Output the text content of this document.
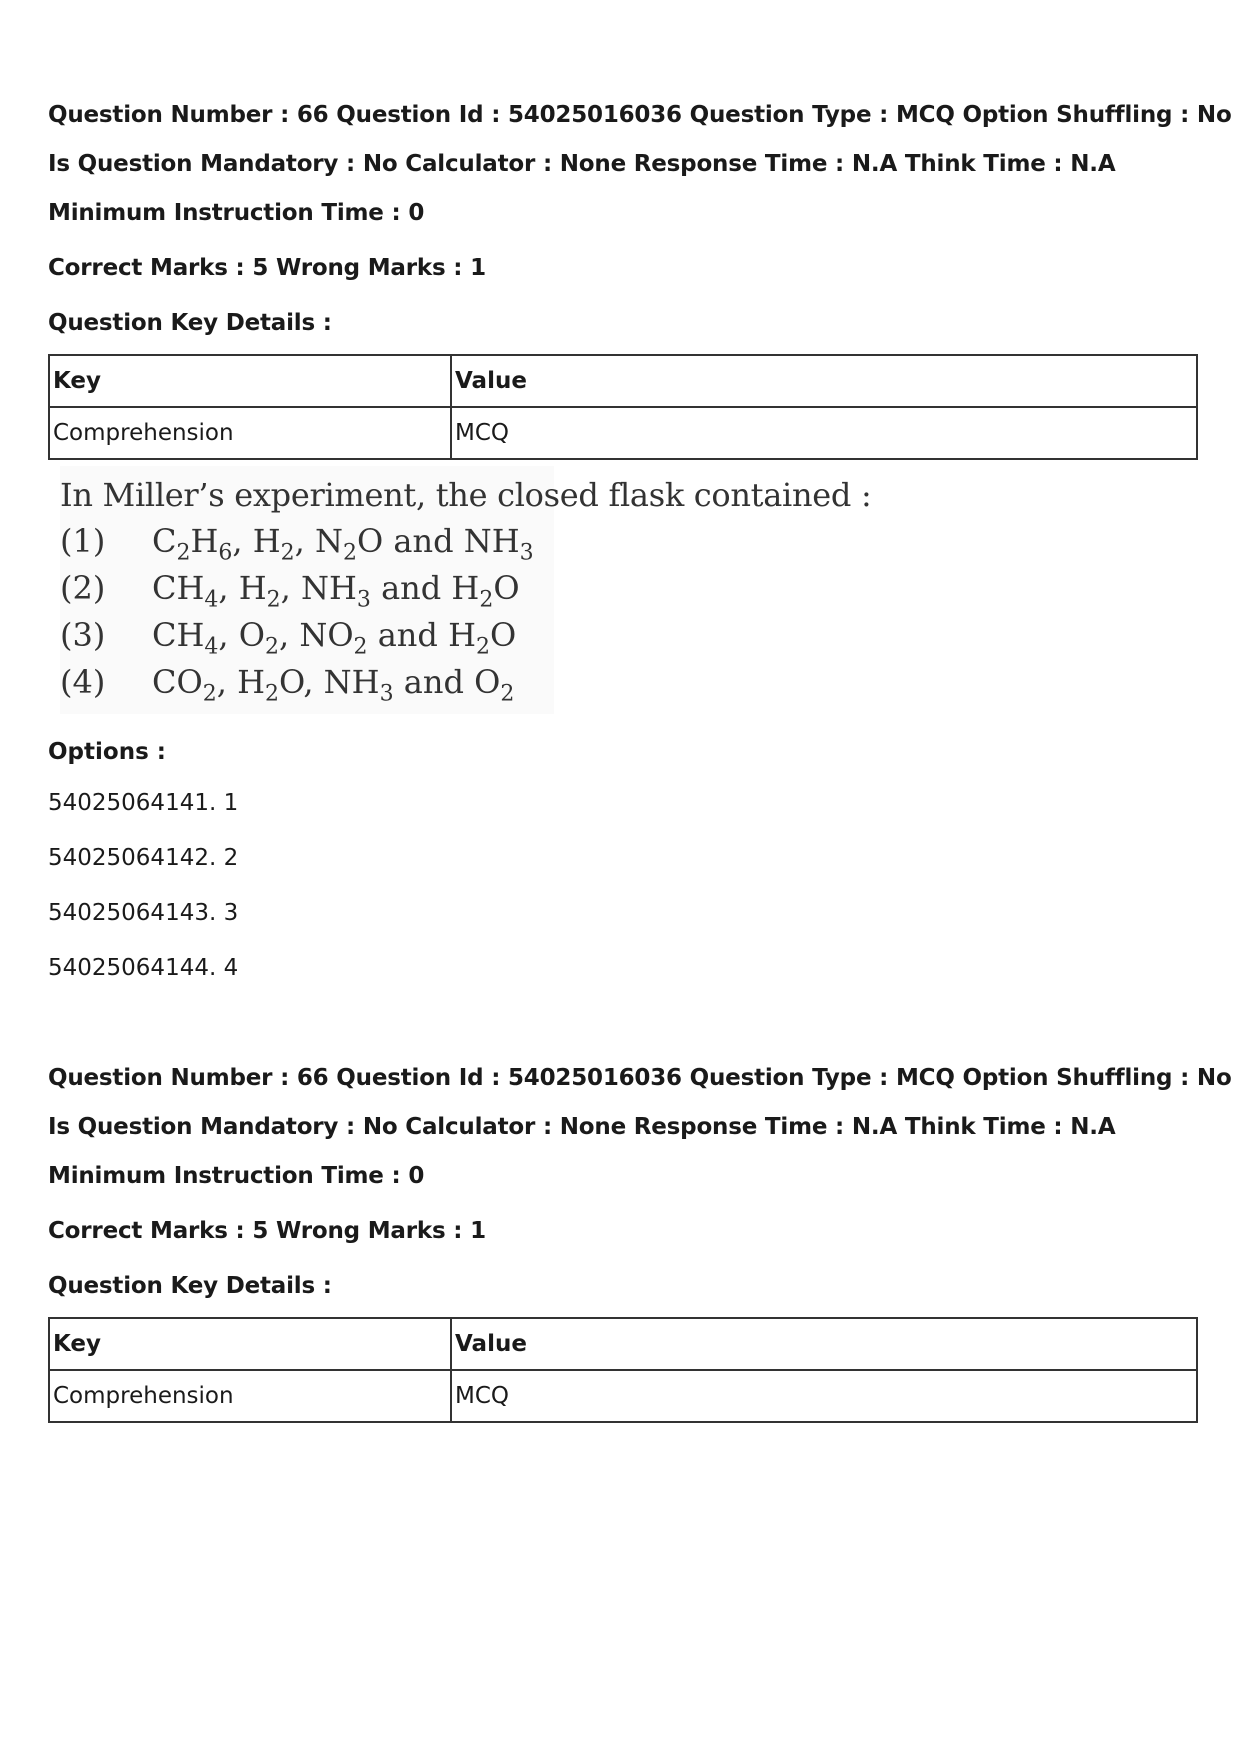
Question Number : 66 Question Id : 54025016036 Question Type : MCQ Option Shuffling : No
Is Question Mandatory : No Calculator : None Response Time : N.A Think Time : N.A
Minimum Instruction Time : 0
Correct Marks : 5 Wrong Marks : 1
Question Key Details :
Key	Value
Comprehension	MCQ
In Miller’s experiment, the closed flask contained :
(1)	$C_2H_6$, $H_2$, $N_2O$ and $NH_3$
(2)	$CH_4$, $H_2$, $NH_3$ and $H_2O$
(3)	$CH_4$, $O_2$, $NO_2$ and $H_2O$
(4)	$CO_2$, $H_2O$, $NH_3$ and $O_2$
Options :
54025064141. 1
54025064142. 2
54025064143. 3
54025064144. 4
Question Number : 66 Question Id : 54025016036 Question Type : MCQ Option Shuffling : No
Is Question Mandatory : No Calculator : None Response Time : N.A Think Time : N.A
Minimum Instruction Time : 0
Correct Marks : 5 Wrong Marks : 1
Question Key Details :
Key	Value
Comprehension	MCQ
